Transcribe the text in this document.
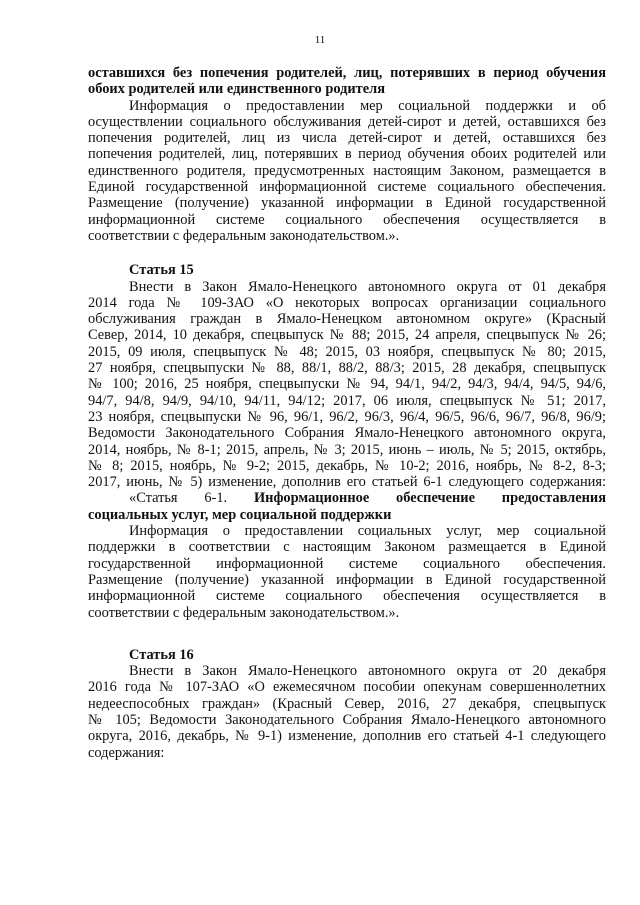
11
оставшихся без попечения родителей, лиц, потерявших в период обучения
обоих родителей или единственного родителя
Информация о предоставлении мер социальной поддержки и об
осуществлении социального обслуживания детей-сирот и детей, оставшихся без
попечения родителей, лиц из числа детей-сирот и детей, оставшихся без
попечения родителей, лиц, потерявших в период обучения обоих родителей или
единственного родителя, предусмотренных настоящим Законом, размещается в
Единой государственной информационной системе социального обеспечения.
Размещение (получение) указанной информации в Единой государственной
информационной системе социального обеспечения осуществляется в
соответствии с федеральным законодательством.».
Статья 15
Внести в Закон Ямало-Ненецкого автономного округа от 01 декабря
2014 года № 109-ЗАО «О некоторых вопросах организации социального
обслуживания граждан в Ямало-Ненецком автономном округе» (Красный
Север, 2014, 10 декабря, спецвыпуск № 88; 2015, 24 апреля, спецвыпуск № 26;
2015, 09 июля, спецвыпуск № 48; 2015, 03 ноября, спецвыпуск № 80; 2015,
27 ноября, спецвыпуски № 88, 88/1, 88/2, 88/3; 2015, 28 декабря, спецвыпуск
№ 100; 2016, 25 ноября, спецвыпуски № 94, 94/1, 94/2, 94/3, 94/4, 94/5, 94/6,
94/7, 94/8, 94/9, 94/10, 94/11, 94/12; 2017, 06 июля, спецвыпуск № 51; 2017,
23 ноября, спецвыпуски № 96, 96/1, 96/2, 96/3, 96/4, 96/5, 96/6, 96/7, 96/8, 96/9;
Ведомости Законодательного Собрания Ямало-Ненецкого автономного округа,
2014, ноябрь, № 8-1; 2015, апрель, № 3; 2015, июнь – июль, № 5; 2015, октябрь,
№ 8; 2015, ноябрь, № 9-2; 2015, декабрь, № 10-2; 2016, ноябрь, № 8-2, 8-3;
2017, июнь, № 5) изменение, дополнив его статьей 6-1 следующего содержания:
«Статья 6-1. Информационное обеспечение предоставления
социальных услуг, мер социальной поддержки
Информация о предоставлении социальных услуг, мер социальной
поддержки в соответствии с настоящим Законом размещается в Единой
государственной информационной системе социального обеспечения.
Размещение (получение) указанной информации в Единой государственной
информационной системе социального обеспечения осуществляется в
соответствии с федеральным законодательством.».
Статья 16
Внести в Закон Ямало-Ненецкого автономного округа от 20 декабря
2016 года № 107-ЗАО «О ежемесячном пособии опекунам совершеннолетних
недееспособных граждан» (Красный Север, 2016, 27 декабря, спецвыпуск
№ 105; Ведомости Законодательного Собрания Ямало-Ненецкого автономного
округа, 2016, декабрь, № 9-1) изменение, дополнив его статьей 4-1 следующего
содержания:
